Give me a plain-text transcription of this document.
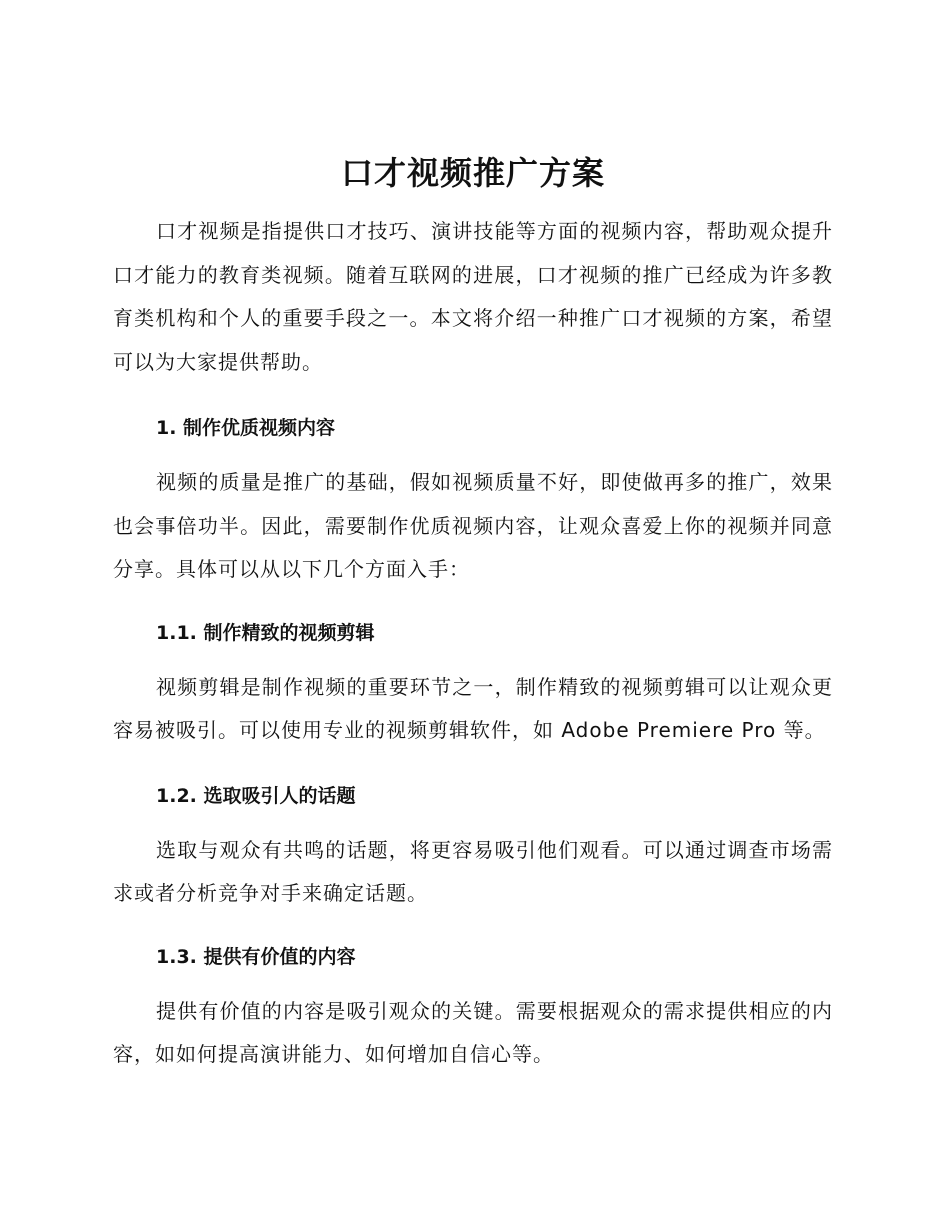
口才视频推广方案

口才视频是指提供口才技巧、演讲技能等方面的视频内容，帮助观众提升口才能力的教育类视频。随着互联网的进展，口才视频的推广已经成为许多教育类机构和个人的重要手段之一。本文将介绍一种推广口才视频的方案，希望可以为大家提供帮助。

1. 制作优质视频内容

视频的质量是推广的基础，假如视频质量不好，即使做再多的推广，效果也会事倍功半。因此，需要制作优质视频内容，让观众喜爱上你的视频并同意分享。具体可以从以下几个方面入手：

1.1. 制作精致的视频剪辑

视频剪辑是制作视频的重要环节之一，制作精致的视频剪辑可以让观众更容易被吸引。可以使用专业的视频剪辑软件，如 Adobe Premiere Pro 等。

1.2. 选取吸引人的话题

选取与观众有共鸣的话题，将更容易吸引他们观看。可以通过调查市场需求或者分析竞争对手来确定话题。

1.3. 提供有价值的内容

提供有价值的内容是吸引观众的关键。需要根据观众的需求提供相应的内容，如如何提高演讲能力、如何增加自信心等。
